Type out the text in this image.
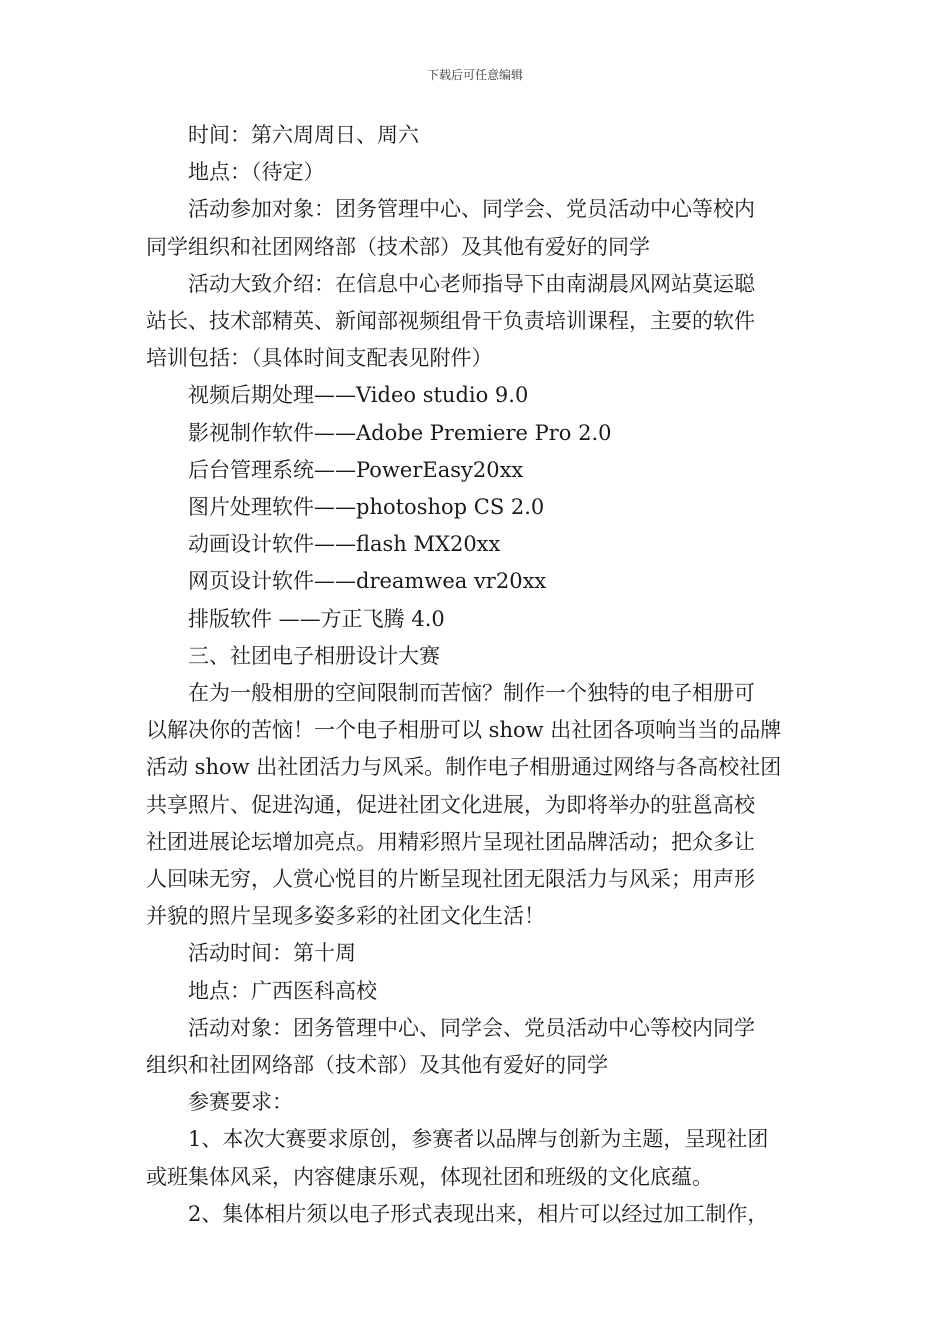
下载后可任意编辑

时间：第六周周日、周六

地点：（待定）

活动参加对象：团务管理中心、同学会、党员活动中心等校内

同学组织和社团网络部（技术部）及其他有爱好的同学

活动大致介绍：在信息中心老师指导下由南湖晨风网站莫运聪

站长、技术部精英、新闻部视频组骨干负责培训课程，主要的软件

培训包括：（具体时间支配表见附件）

视频后期处理——Video studio 9.0

影视制作软件——Adobe Premiere Pro 2.0

后台管理系统——PowerEasy20xx

图片处理软件——photoshop CS 2.0

动画设计软件——flash MX20xx

网页设计软件——dreamwea vr20xx

排版软件 ——方正飞腾 4.0

三、社团电子相册设计大赛

在为一般相册的空间限制而苦恼？制作一个独特的电子相册可

以解决你的苦恼！一个电子相册可以 show 出社团各项响当当的品牌

活动 show 出社团活力与风采。制作电子相册通过网络与各高校社团

共享照片、促进沟通，促进社团文化进展，为即将举办的驻邕高校

社团进展论坛增加亮点。用精彩照片呈现社团品牌活动；把众多让

人回味无穷，人赏心悦目的片断呈现社团无限活力与风采；用声形

并貌的照片呈现多姿多彩的社团文化生活！

活动时间：第十周

地点：广西医科高校

活动对象：团务管理中心、同学会、党员活动中心等校内同学

组织和社团网络部（技术部）及其他有爱好的同学

参赛要求：

1、本次大赛要求原创，参赛者以品牌与创新为主题，呈现社团

或班集体风采，内容健康乐观，体现社团和班级的文化底蕴。

2、集体相片须以电子形式表现出来，相片可以经过加工制作，
